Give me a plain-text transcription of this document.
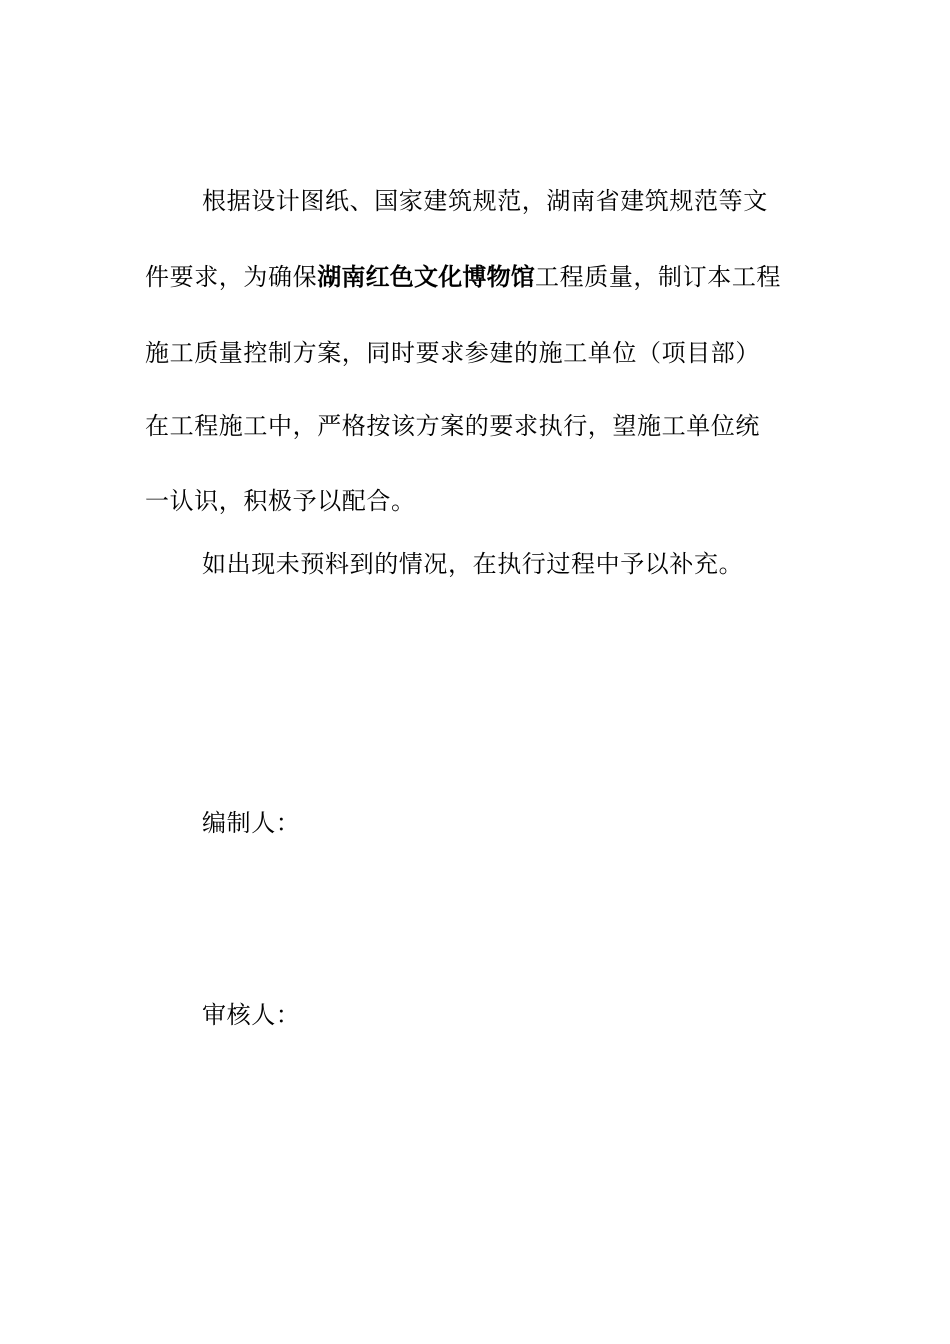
根据设计图纸、国家建筑规范，湖南省建筑规范等文
件要求，为确保湖南红色文化博物馆工程质量，制订本工程
施工质量控制方案，同时要求参建的施工单位（项目部）
在工程施工中，严格按该方案的要求执行，望施工单位统
一认识，积极予以配合。
如出现未预料到的情况，在执行过程中予以补充。
编制人：
审核人：
